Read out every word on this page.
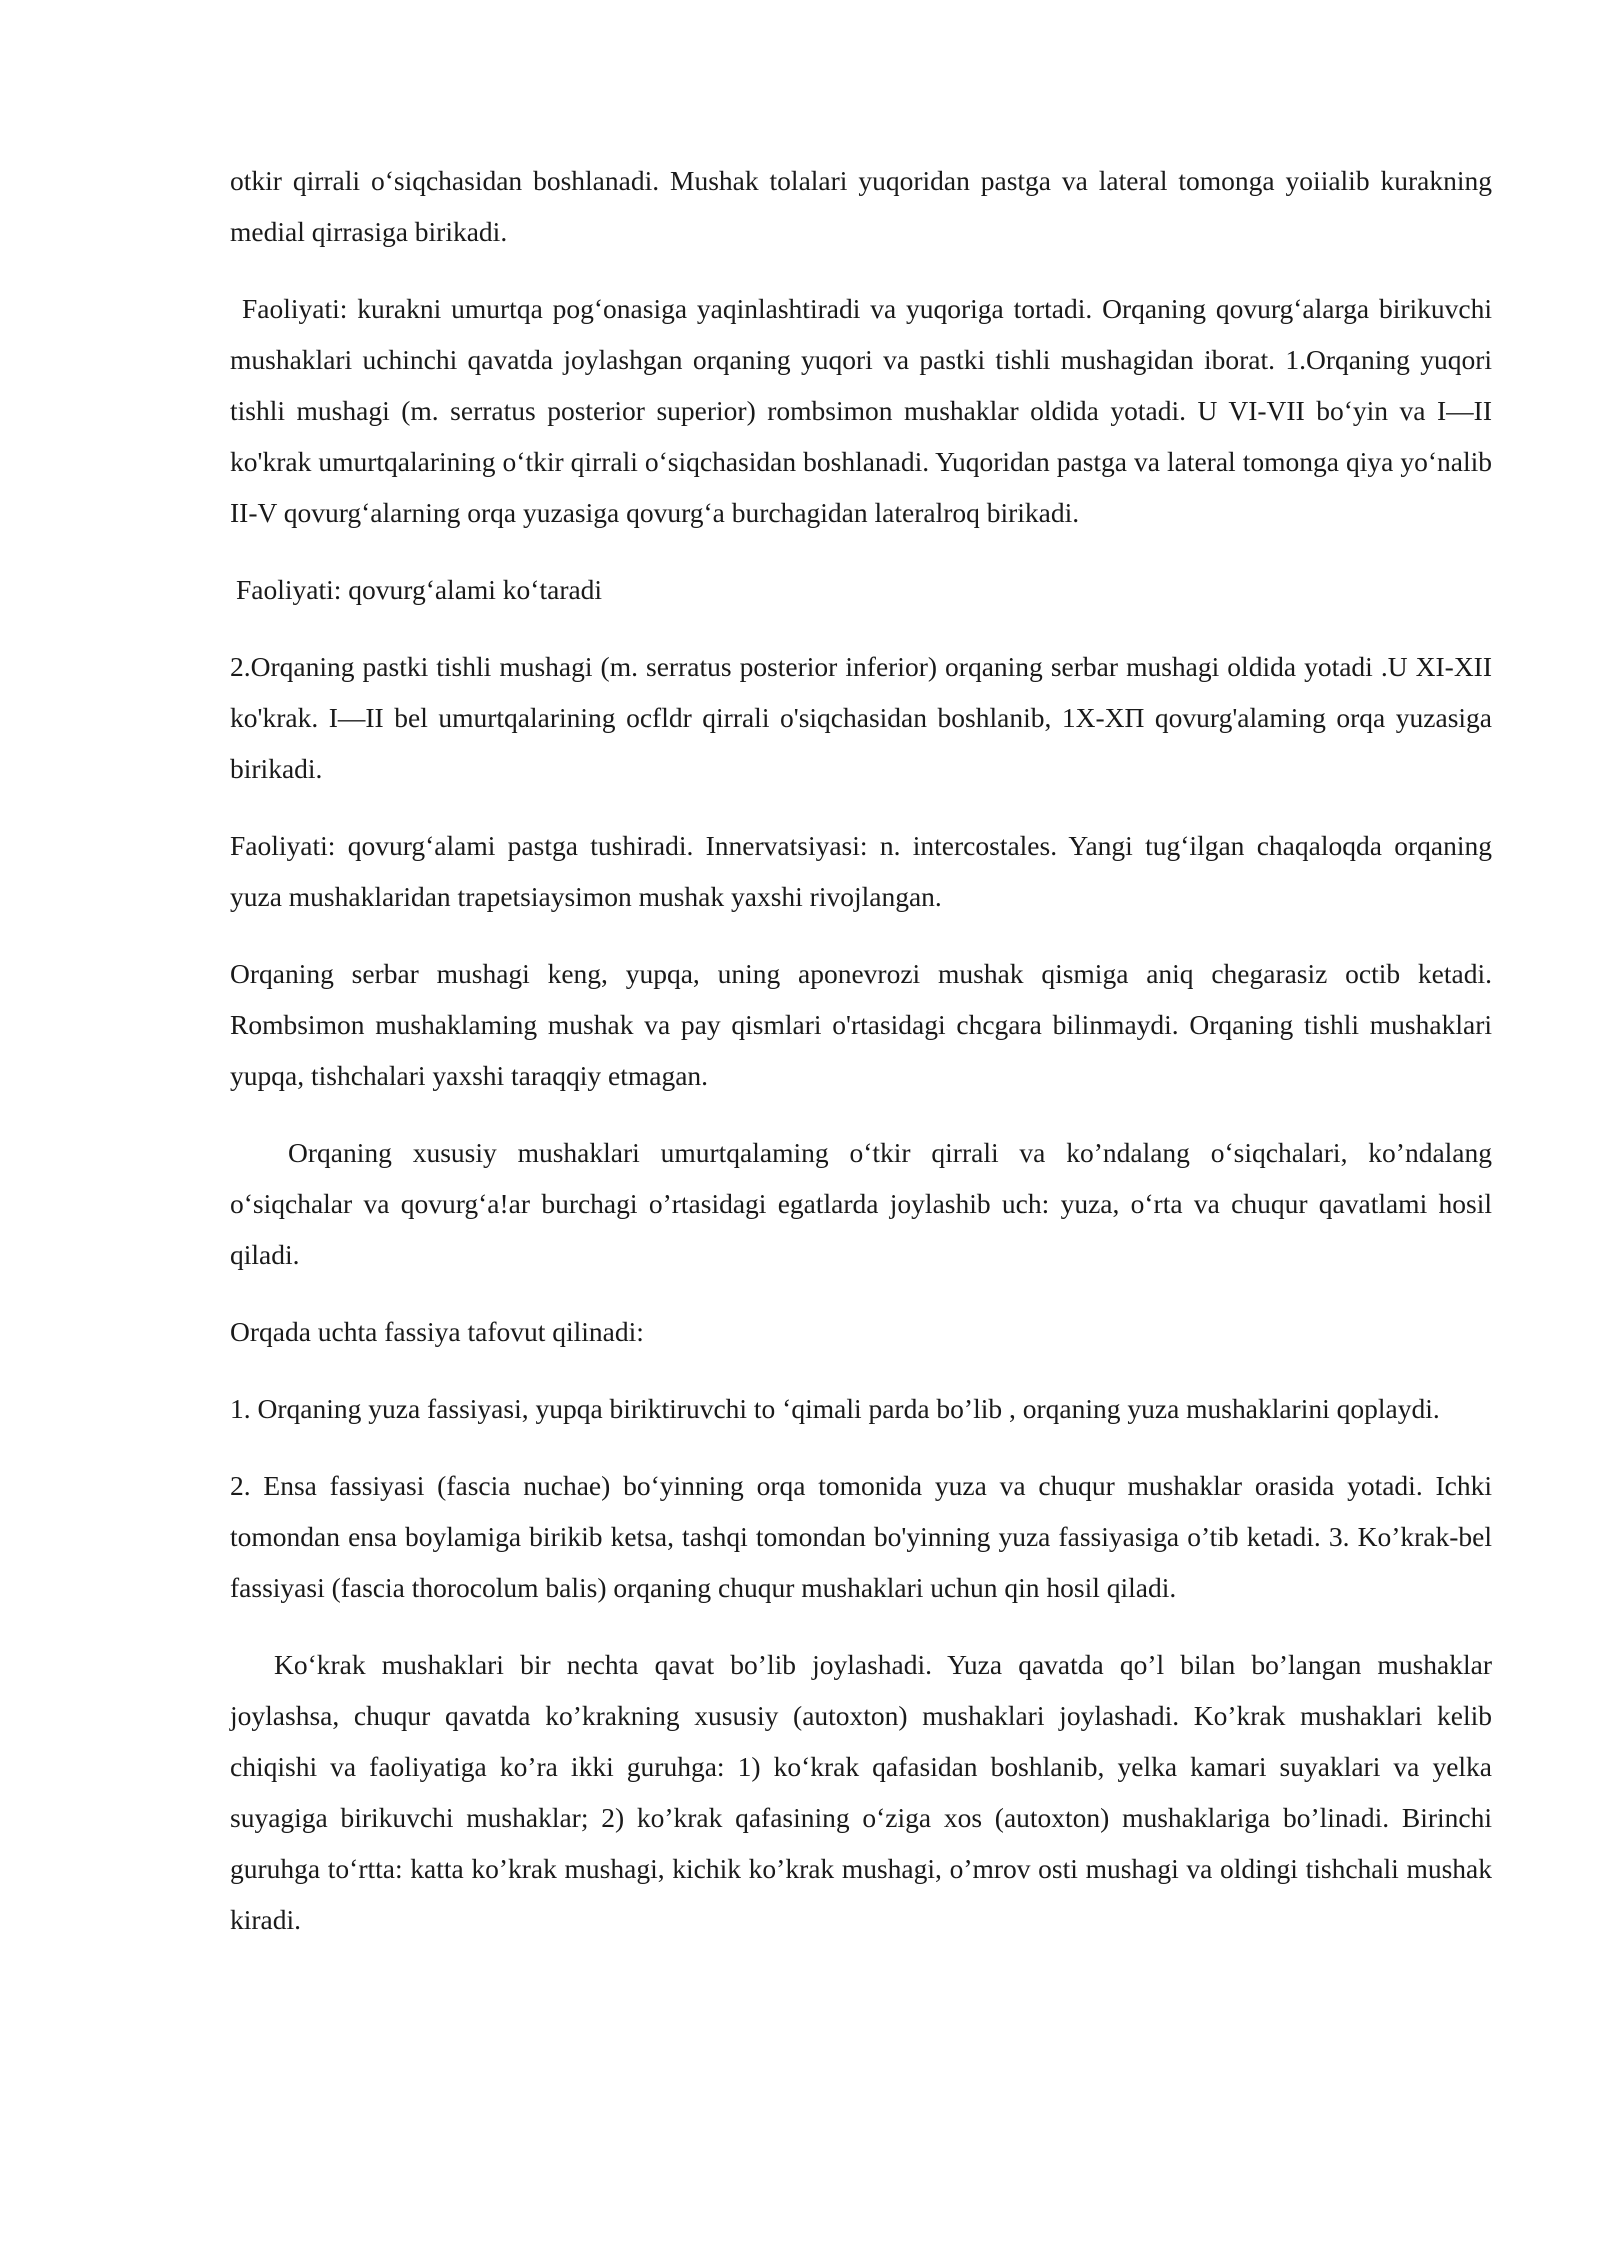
otkir qirrali o‘siqchasidan boshlanadi. Mushak tolalari yuqoridan pastga va lateral tomonga yoiialib kurakning medial qirrasiga birikadi.

Faoliyati: kurakni umurtqa pog‘onasiga yaqinlashtiradi va yuqoriga tortadi. Orqaning qovurg‘alarga birikuvchi mushaklari uchinchi qavatda joylashgan orqaning yuqori va pastki tishli mushagidan iborat. 1.Orqaning yuqori tishli mushagi (m. serratus posterior superior) rombsimon mushaklar oldida yotadi. U VI-VII bo‘yin va I—II ko'krak umurtqalarining o‘tkir qirrali o‘siqchasidan boshlanadi. Yuqoridan pastga va lateral tomonga qiya yo‘nalib II-V qovurg‘alarning orqa yuzasiga qovurg‘a burchagidan lateralroq birikadi.

Faoliyati: qovurg‘alami ko‘taradi

2.Orqaning pastki tishli mushagi (m. serratus posterior inferior) orqaning serbar mushagi oldida yotadi .U XI-XII ko'krak. I—II bel umurtqalarining ocfldr qirrali o'siqchasidan boshlanib, 1X-XП qovurg'alaming orqa yuzasiga birikadi.

Faoliyati: qovurg‘alami pastga tushiradi. Innervatsiyasi: n. intercostales. Yangi tug‘ilgan chaqaloqda orqaning yuza mushaklaridan trapetsiaysimon mushak yaxshi rivojlangan.

Orqaning serbar mushagi keng, yupqa, uning aponevrozi mushak qismiga aniq chegarasiz octib ketadi. Rombsimon mushaklaming mushak va pay qismlari o'rtasidagi chcgara bilinmaydi. Orqaning tishli mushaklari yupqa, tishchalari yaxshi taraqqiy etmagan.

Orqaning xususiy mushaklari umurtqalaming o‘tkir qirrali va ko’ndalang o‘siqchalari, ko’ndalang o‘siqchalar va qovurg‘a!ar burchagi o’rtasidagi egatlarda joylashib uch: yuza, o‘rta va chuqur qavatlami hosil qiladi.

Orqada uchta fassiya tafovut qilinadi:

1. Orqaning yuza fassiyasi, yupqa biriktiruvchi to ‘qimali parda bo’lib , orqaning yuza mushaklarini qoplaydi.

2. Ensa fassiyasi (fascia nuchae) bo‘yinning orqa tomonida yuza va chuqur mushaklar orasida yotadi. Ichki tomondan ensa boylamiga birikib ketsa, tashqi tomondan bo'yinning yuza fassiyasiga o’tib ketadi. 3. Ko’krak-bel fassiyasi (fascia thorocolum balis) orqaning chuqur mushaklari uchun qin hosil qiladi.

Ko‘krak mushaklari bir nechta qavat bo’lib joylashadi. Yuza qavatda qo’l bilan bo’langan mushaklar joylashsa, chuqur qavatda ko’krakning xususiy (autoxton) mushaklari joylashadi. Ko’krak mushaklari kelib chiqishi va faoliyatiga ko’ra ikki guruhga: 1) ko‘krak qafasidan boshlanib, yelka kamari suyaklari va yelka suyagiga birikuvchi mushaklar; 2) ko’krak qafasining o‘ziga xos (autoxton) mushaklariga bo’linadi. Birinchi guruhga to‘rtta: katta ko’krak mushagi, kichik ko’krak mushagi, o’mrov osti mushagi va oldingi tishchali mushak kiradi.
